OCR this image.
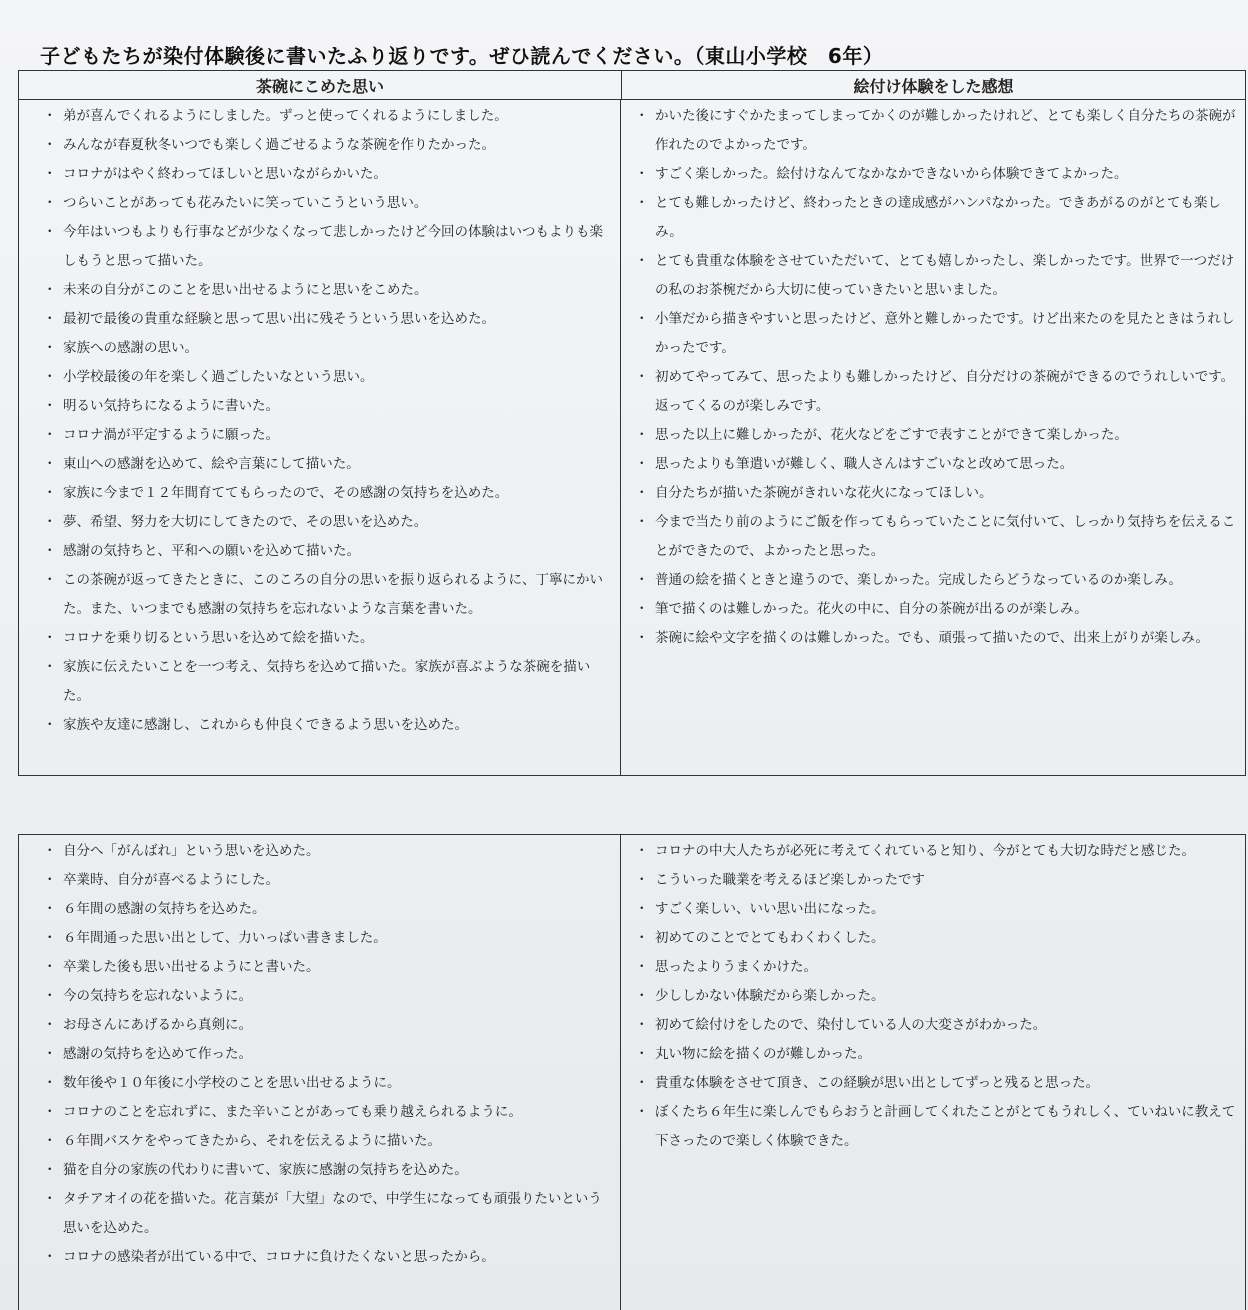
子どもたちが染付体験後に書いたふり返りです。ぜひ読んでください。（東山小学校　6年）
茶碗にこめた思い	絵付け体験をした感想
・ 弟が喜んでくれるようにしました。ずっと使ってくれるようにしました。
・ みんなが春夏秋冬いつでも楽しく過ごせるような茶碗を作りたかった。
・ コロナがはやく終わってほしいと思いながらかいた。
・ つらいことがあっても花みたいに笑っていこうという思い。
・ 今年はいつもよりも行事などが少なくなって悲しかったけど今回の体験はいつもよりも楽しもうと思って描いた。
・ 未来の自分がこのことを思い出せるようにと思いをこめた。
・ 最初で最後の貴重な経験と思って思い出に残そうという思いを込めた。
・ 家族への感謝の思い。
・ 小学校最後の年を楽しく過ごしたいなという思い。
・ 明るい気持ちになるように書いた。
・ コロナ渦が平定するように願った。
・ 東山への感謝を込めて、絵や言葉にして描いた。
・ 家族に今まで１２年間育ててもらったので、その感謝の気持ちを込めた。
・ 夢、希望、努力を大切にしてきたので、その思いを込めた。
・ 感謝の気持ちと、平和への願いを込めて描いた。
・ この茶碗が返ってきたときに、このころの自分の思いを振り返られるように、丁寧にかいた。また、いつまでも感謝の気持ちを忘れないような言葉を書いた。
・ コロナを乗り切るという思いを込めて絵を描いた。
・ 家族に伝えたいことを一つ考え、気持ちを込めて描いた。家族が喜ぶような茶碗を描いた。
・ 家族や友達に感謝し、これからも仲良くできるよう思いを込めた。
・ かいた後にすぐかたまってしまってかくのが難しかったけれど、とても楽しく自分たちの茶碗が作れたのでよかったです。
・ すごく楽しかった。絵付けなんてなかなかできないから体験できてよかった。
・ とても難しかったけど、終わったときの達成感がハンパなかった。できあがるのがとても楽しみ。
・ とても貴重な体験をさせていただいて、とても嬉しかったし、楽しかったです。世界で一つだけの私のお茶椀だから大切に使っていきたいと思いました。
・ 小筆だから描きやすいと思ったけど、意外と難しかったです。けど出来たのを見たときはうれしかったです。
・ 初めてやってみて、思ったよりも難しかったけど、自分だけの茶碗ができるのでうれしいです。返ってくるのが楽しみです。
・ 思った以上に難しかったが、花火などをごすで表すことができて楽しかった。
・ 思ったよりも筆遣いが難しく、職人さんはすごいなと改めて思った。
・ 自分たちが描いた茶碗がきれいな花火になってほしい。
・ 今まで当たり前のようにご飯を作ってもらっていたことに気付いて、しっかり気持ちを伝えることができたので、よかったと思った。
・ 普通の絵を描くときと違うので、楽しかった。完成したらどうなっているのか楽しみ。
・ 筆で描くのは難しかった。花火の中に、自分の茶碗が出るのが楽しみ。
・ 茶碗に絵や文字を描くのは難しかった。でも、頑張って描いたので、出来上がりが楽しみ。
・ 自分へ「がんばれ」という思いを込めた。
・ 卒業時、自分が喜べるようにした。
・ ６年間の感謝の気持ちを込めた。
・ ６年間通った思い出として、力いっぱい書きました。
・ 卒業した後も思い出せるようにと書いた。
・ 今の気持ちを忘れないように。
・ お母さんにあげるから真剣に。
・ 感謝の気持ちを込めて作った。
・ 数年後や１０年後に小学校のことを思い出せるように。
・ コロナのことを忘れずに、また辛いことがあっても乗り越えられるように。
・ ６年間バスケをやってきたから、それを伝えるように描いた。
・ 猫を自分の家族の代わりに書いて、家族に感謝の気持ちを込めた。
・ タチアオイの花を描いた。花言葉が「大望」なので、中学生になっても頑張りたいという思いを込めた。
・ コロナの感染者が出ている中で、コロナに負けたくないと思ったから。
・ コロナの中大人たちが必死に考えてくれていると知り、今がとても大切な時だと感じた。
・ こういった職業を考えるほど楽しかったです
・ すごく楽しい、いい思い出になった。
・ 初めてのことでとてもわくわくした。
・ 思ったよりうまくかけた。
・ 少ししかない体験だから楽しかった。
・ 初めて絵付けをしたので、染付している人の大変さがわかった。
・ 丸い物に絵を描くのが難しかった。
・ 貴重な体験をさせて頂き、この経験が思い出としてずっと残ると思った。
・ ぼくたち６年生に楽しんでもらおうと計画してくれたことがとてもうれしく、ていねいに教えて下さったので楽しく体験できた。
